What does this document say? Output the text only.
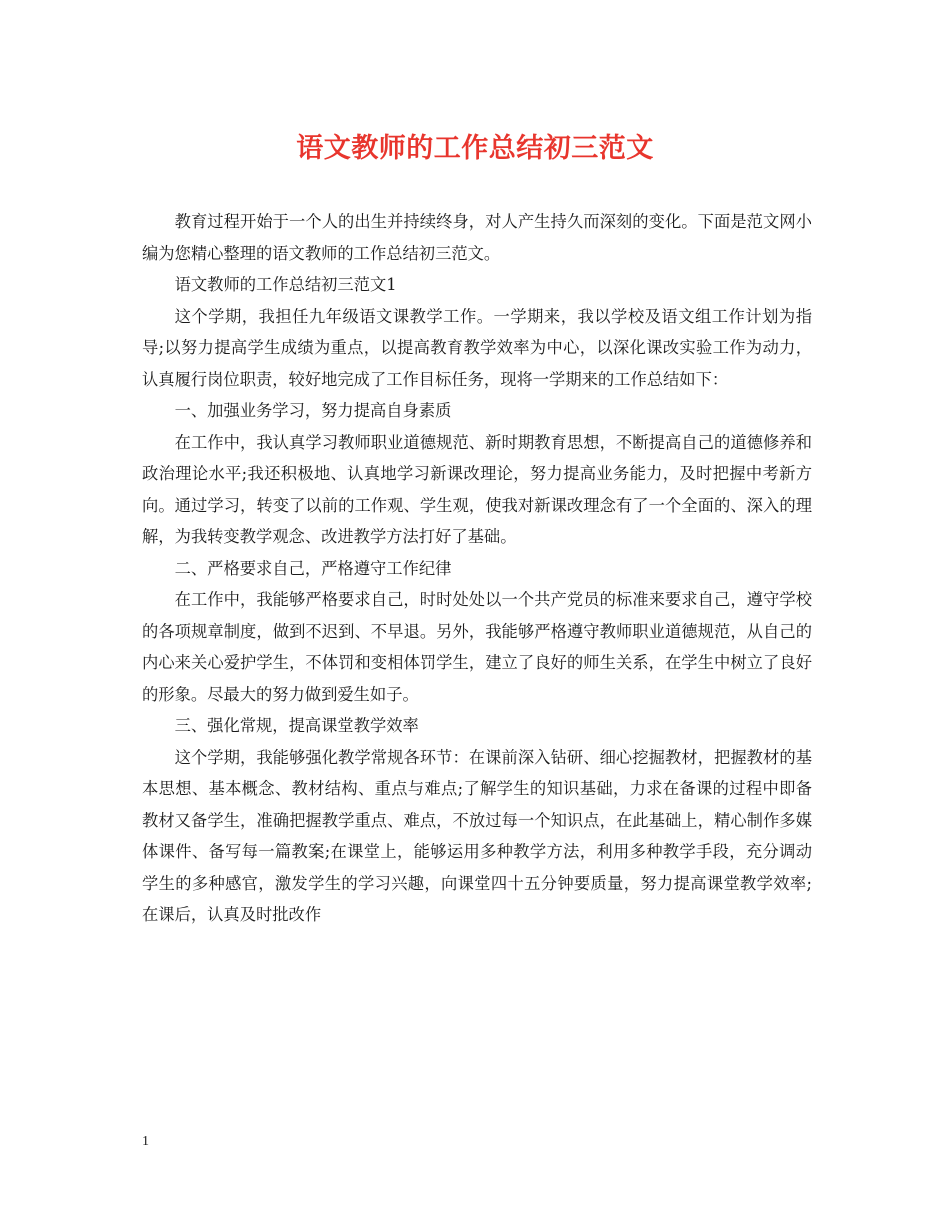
语文教师的工作总结初三范文

教育过程开始于一个人的出生并持续终身，对人产生持久而深刻的变化。下面是范文网小编为您精心整理的语文教师的工作总结初三范文。

语文教师的工作总结初三范文1

这个学期，我担任九年级语文课教学工作。一学期来，我以学校及语文组工作计划为指导;以努力提高学生成绩为重点，以提高教育教学效率为中心，以深化课改实验工作为动力，认真履行岗位职责，较好地完成了工作目标任务，现将一学期来的工作总结如下：

一、加强业务学习，努力提高自身素质

在工作中，我认真学习教师职业道德规范、新时期教育思想，不断提高自己的道德修养和政治理论水平;我还积极地、认真地学习新课改理论，努力提高业务能力，及时把握中考新方向。通过学习，转变了以前的工作观、学生观，使我对新课改理念有了一个全面的、深入的理解，为我转变教学观念、改进教学方法打好了基础。

二、严格要求自己，严格遵守工作纪律

在工作中，我能够严格要求自己，时时处处以一个共产党员的标准来要求自己，遵守学校的各项规章制度，做到不迟到、不早退。另外，我能够严格遵守教师职业道德规范，从自己的内心来关心爱护学生，不体罚和变相体罚学生，建立了良好的师生关系，在学生中树立了良好的形象。尽最大的努力做到爱生如子。

三、强化常规，提高课堂教学效率

这个学期，我能够强化教学常规各环节：在课前深入钻研、细心挖掘教材，把握教材的基本思想、基本概念、教材结构、重点与难点;了解学生的知识基础，力求在备课的过程中即备教材又备学生，准确把握教学重点、难点，不放过每一个知识点，在此基础上，精心制作多媒体课件、备写每一篇教案;在课堂上，能够运用多种教学方法，利用多种教学手段，充分调动学生的多种感官，激发学生的学习兴趣，向课堂四十五分钟要质量，努力提高课堂教学效率;在课后，认真及时批改作

1
